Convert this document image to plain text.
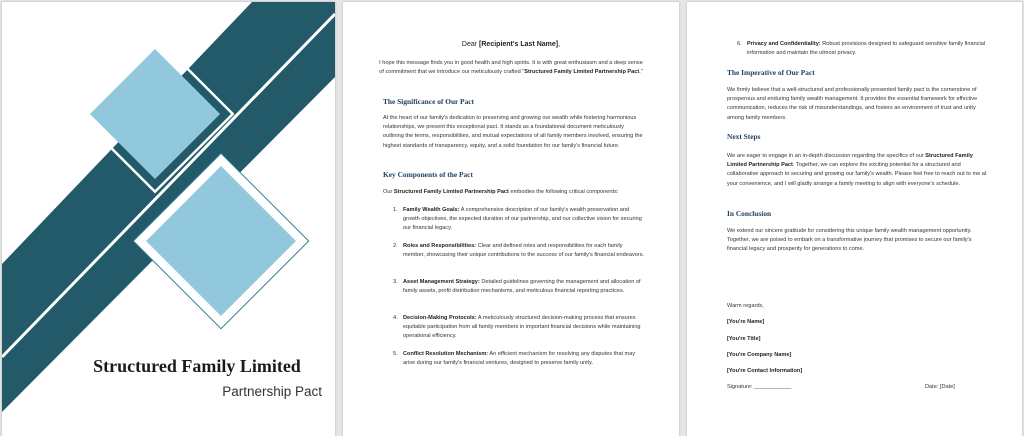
Structured Family Limited
Partnership Pact
Dear [Recipient's Last Name],
I hope this message finds you in good health and high spirits. It is with great enthusiasm and a deep sense of commitment that we introduce our meticulously crafted "Structured Family Limited Partnership Pact."
The Significance of Our Pact
At the heart of our family's dedication to preserving and growing our wealth while fostering harmonious relationships, we present this exceptional pact. It stands as a foundational document meticulously outlining the terms, responsibilities, and mutual expectations of all family members involved, ensuring the highest standards of transparency, equity, and a solid foundation for our family's financial future.
Key Components of the Pact
Our Structured Family Limited Partnership Pact embodies the following critical components:
1. Family Wealth Goals: A comprehensive description of our family's wealth preservation and growth objectives, the expected duration of our partnership, and our collective vision for securing our financial legacy.
2. Roles and Responsibilities: Clear and defined roles and responsibilities for each family member, showcasing their unique contributions to the success of our family's financial endeavors.
3. Asset Management Strategy: Detailed guidelines governing the management and allocation of family assets, profit distribution mechanisms, and meticulous financial reporting practices.
4. Decision-Making Protocols: A meticulously structured decision-making process that ensures equitable participation from all family members in important financial decisions while maintaining operational efficiency.
5. Conflict Resolution Mechanism: An efficient mechanism for resolving any disputes that may arise during our family's financial ventures, designed to preserve family unity.
6. Privacy and Confidentiality: Robust provisions designed to safeguard sensitive family financial information and maintain the utmost privacy.
The Imperative of Our Pact
We firmly believe that a well-structured and professionally presented family pact is the cornerstone of prosperous and enduring family wealth management. It provides the essential framework for effective communication, reduces the risk of misunderstandings, and fosters an environment of trust and unity among family members.
Next Steps
We are eager to engage in an in-depth discussion regarding the specifics of our Structured Family Limited Partnership Pact. Together, we can explore the exciting potential for a structured and collaborative approach to securing and growing our family's wealth. Please feel free to reach out to me at your convenience, and I will gladly arrange a family meeting to align with everyone's schedule.
In Conclusion
We extend our sincere gratitude for considering this unique family wealth management opportunity. Together, we are poised to embark on a transformative journey that promises to secure our family's financial legacy and prosperity for generations to come.
Warm regards,
[You're Name]
[You're Title]
[You're Company Name]
[You're Contact Information]
Signature: ____________	Date: [Date]
